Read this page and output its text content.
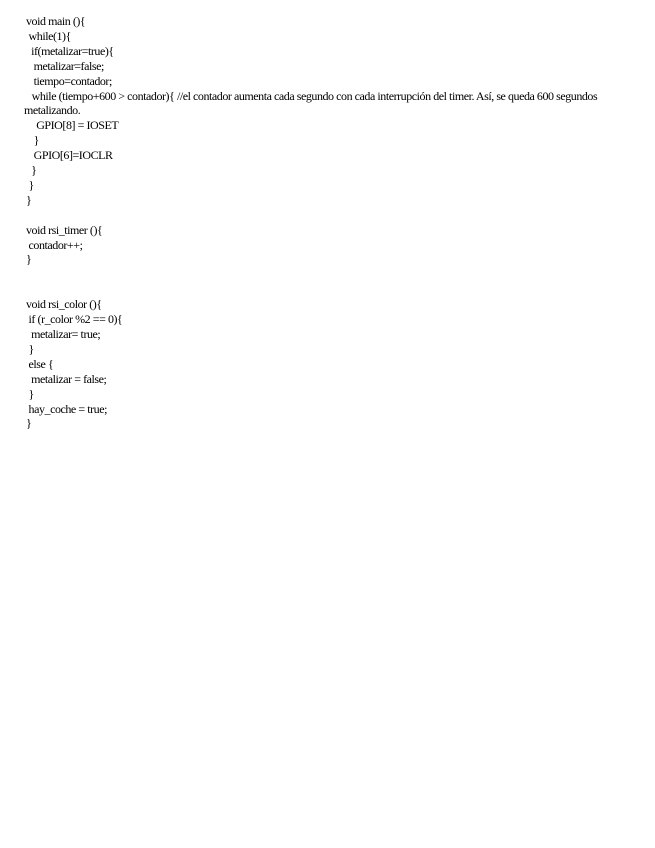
void main (){
while(1){
if(metalizar=true){
metalizar=false;
tiempo=contador;
while (tiempo+600 > contador){ //el contador aumenta cada segundo con cada interrupción del timer. Así, se queda 600 segundos metalizando.
GPIO[8] = IOSET
}
GPIO[6]=IOCLR
}
}
}
void rsi_timer (){
contador++;
}
void rsi_color (){
if (r_color %2 == 0){
metalizar= true;
}
else {
metalizar = false;
}
hay_coche = true;
}
